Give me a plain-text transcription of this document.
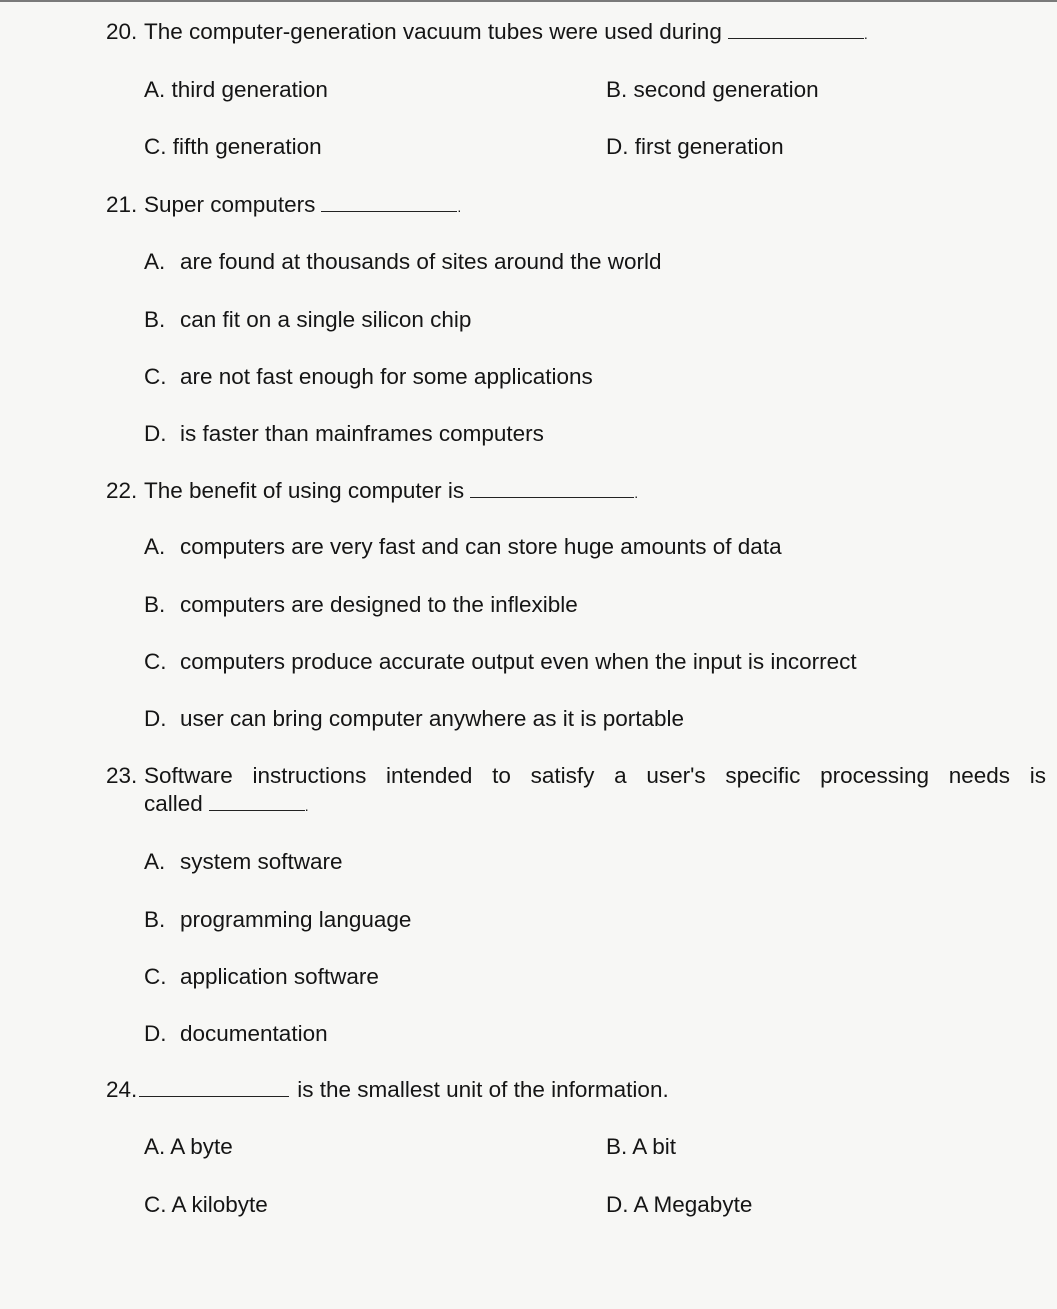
20. The computer-generation vacuum tubes were used during	.
A. third generation	B. second generation
C. fifth generation	D. first generation
21. Super computers	.
A. are found at thousands of sites around the world
B. can fit on a single silicon chip
C. are not fast enough for some applications
D. is faster than mainframes computers
22. The benefit of using computer is	.
A. computers are very fast and can store huge amounts of data
B. computers are designed to the inflexible
C. computers produce accurate output even when the input is incorrect
D. user can bring computer anywhere as it is portable
23. Software instructions intended to satisfy a user's specific processing needs is
called	.
A. system software
B. programming language
C. application software
D. documentation
24.	is the smallest unit of the information.
A. A byte	B. A bit
C. A kilobyte	D. A Megabyte
